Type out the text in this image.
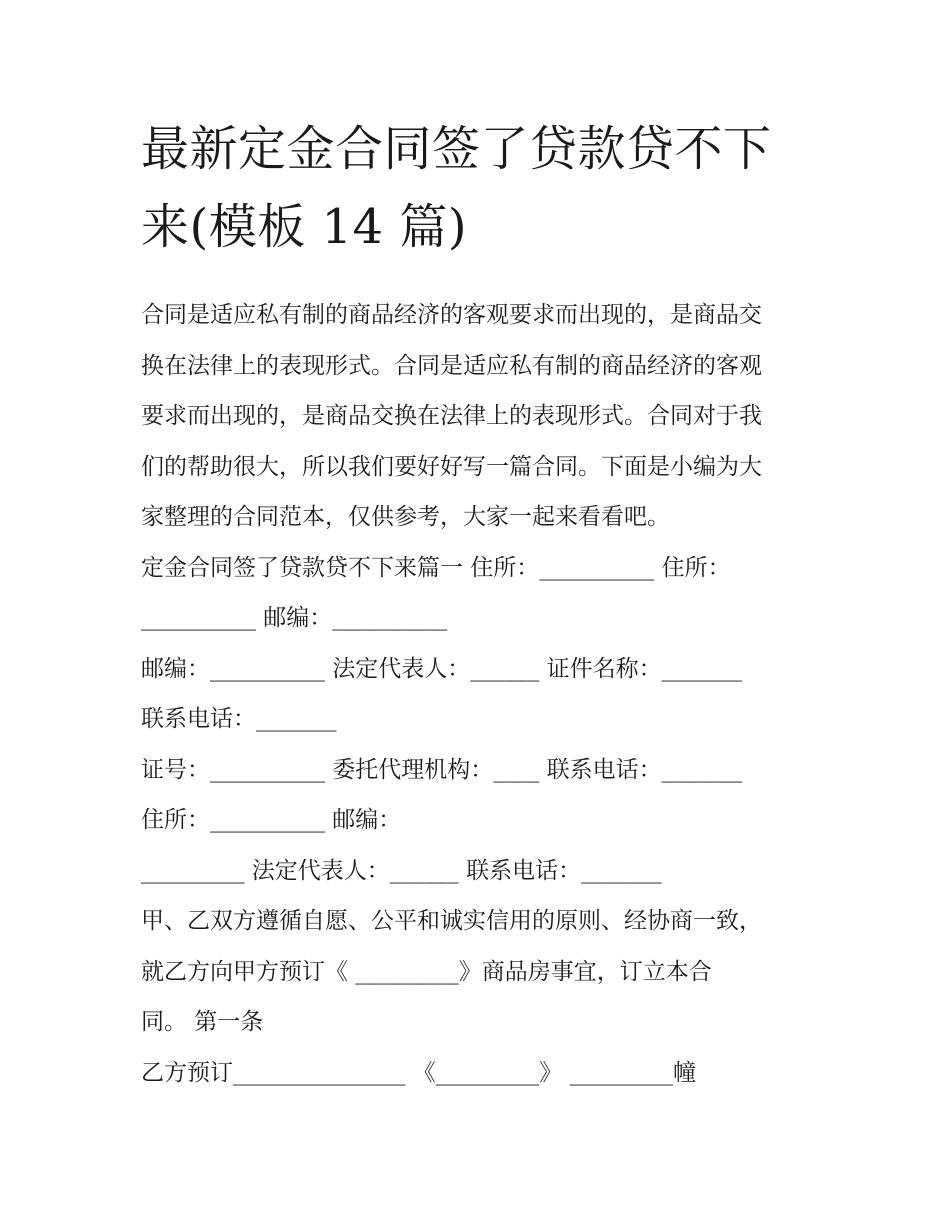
最新定金合同签了贷款贷不下
来(模板 14 篇)

合同是适应私有制的商品经济的客观要求而出现的，是商品交
换在法律上的表现形式。合同是适应私有制的商品经济的客观
要求而出现的，是商品交换在法律上的表现形式。合同对于我
们的帮助很大，所以我们要好好写一篇合同。下面是小编为大
家整理的合同范本，仅供参考，大家一起来看看吧。

定金合同签了贷款贷不下来篇一 住所：__________ 住所：
__________ 邮编：__________

邮编：__________ 法定代表人：______ 证件名称：_______
联系电话：_______

证号：__________ 委托代理机构：____ 联系电话：_______
住所：__________ 邮编：

_________ 法定代表人：______ 联系电话：_______

甲、乙双方遵循自愿、公平和诚实信用的原则、经协商一致，
就乙方向甲方预订《 _________》商品房事宜，订立本合
同。 第一条

乙方预订_______________ 《_________》 _________幢
